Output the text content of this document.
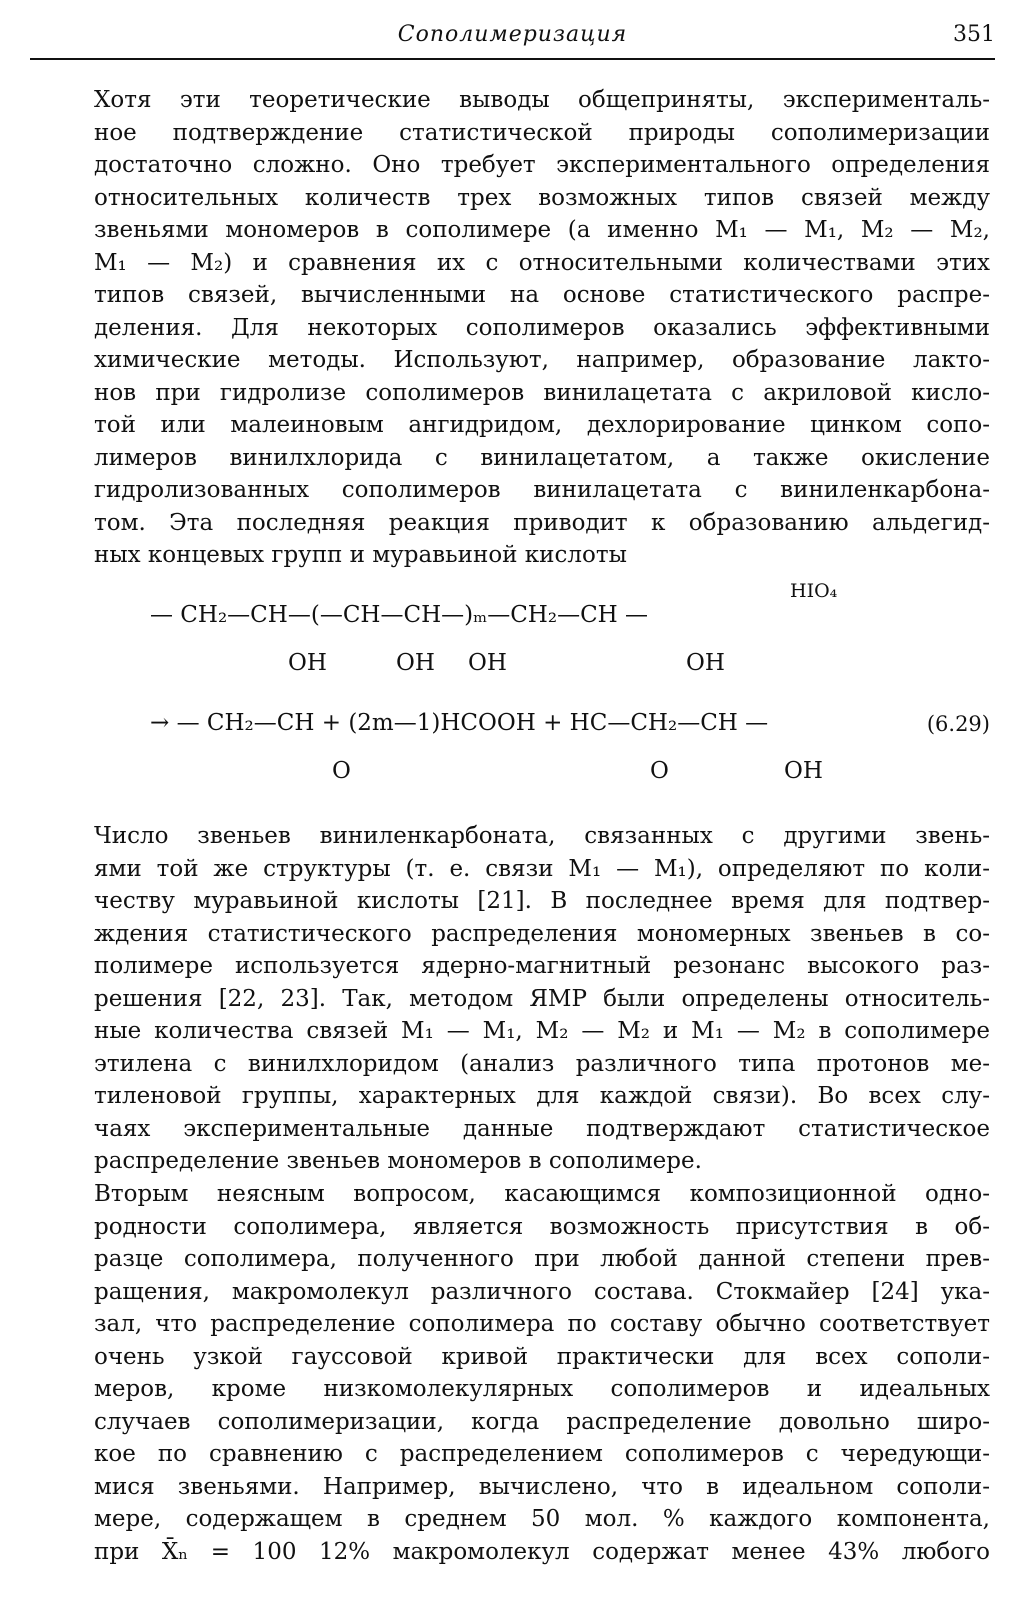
Сополимеризация	351

Хотя эти теоретические выводы общеприняты, эксперименталь-
ное подтверждение статистической природы сополимеризации
достаточно сложно. Оно требует экспериментального определения
относительных количеств трех возможных типов связей между
звеньями мономеров в сополимере (а именно M₁ — M₁, M₂ — M₂,
M₁ — M₂) и сравнения их с относительными количествами этих
типов связей, вычисленными на основе статистического распре-
деления. Для некоторых сополимеров оказались эффективными
химические методы. Используют, например, образование лакто-
нов при гидролизе сополимеров винилацетата с акриловой кисло-
той или малеиновым ангидридом, дехлорирование цинком сопо-
лимеров винилхлорида с винилацетатом, а также окисление
гидролизованных сополимеров винилацетата с виниленкарбона-
том. Эта последняя реакция приводит к образованию альдегид-
ных концевых групп и муравьиной кислоты

HIO₄
— CH₂—CH—(—CH—CH—)ₘ—CH₂—CH —
OH	OH OH	OH
→ — CH₂—CH + (2m—1)HCOOH + HC—CH₂—CH —
O	O	OH
(6.29)

Число звеньев виниленкарбоната, связанных с другими звень-
ями той же структуры (т. е. связи M₁ — M₁), определяют по коли-
честву муравьиной кислоты [21]. В последнее время для подтвер-
ждения статистического распределения мономерных звеньев в со-
полимере используется ядерно-магнитный резонанс высокого раз-
решения [22, 23]. Так, методом ЯМР были определены относитель-
ные количества связей M₁ — M₁, M₂ — M₂ и M₁ — M₂ в сополимере
этилена с винилхлоридом (анализ различного типа протонов ме-
тиленовой группы, характерных для каждой связи). Во всех слу-
чаях экспериментальные данные подтверждают статистическое
распределение звеньев мономеров в сополимере.

Вторым неясным вопросом, касающимся композиционной одно-
родности сополимера, является возможность присутствия в об-
разце сополимера, полученного при любой данной степени прев-
ращения, макромолекул различного состава. Стокмайер [24] ука-
зал, что распределение сополимера по составу обычно соответствует
очень узкой гауссовой кривой практически для всех сополи-
меров, кроме низкомолекулярных сополимеров и идеальных
случаев сополимеризации, когда распределение довольно широ-
кое по сравнению с распределением сополимеров с чередующи-
мися звеньями. Например, вычислено, что в идеальном сополи-
мере, содержащем в среднем 50 мол. % каждого компонента,
при X̄ₙ = 100 12% макромолекул содержат менее 43% любого
